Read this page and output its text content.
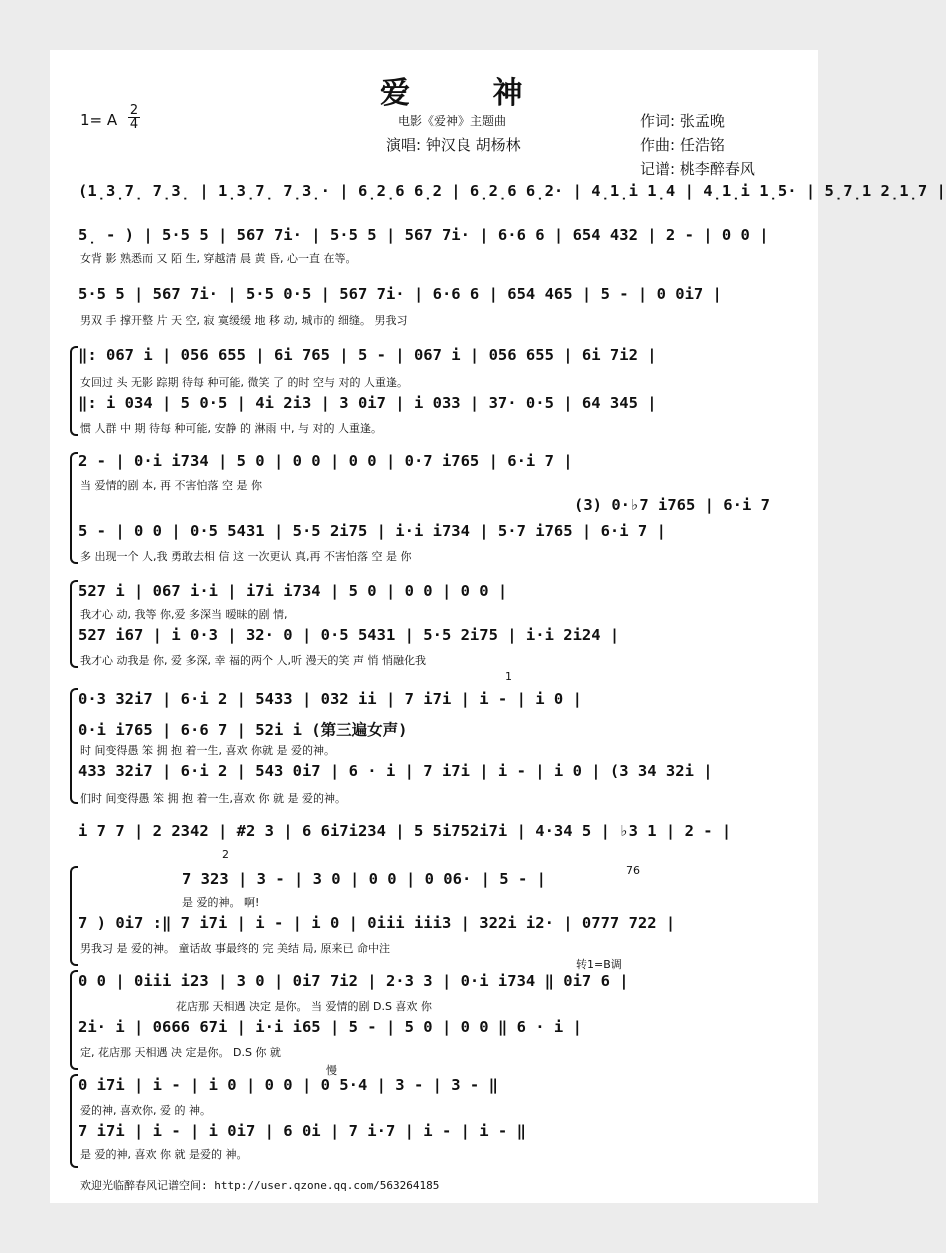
爱 神
1= A
2
4	电影《爱神》主题曲
演唱: 钟汉良 胡杨林
作词: 张孟晚
作曲: 任浩铭
记谱: 桃李醉春风
(1̣3̣7̣ 7̣3̣ | 1̣3̣7̣ 7̣3̣· | 6̣2̣6 6̣2 | 6̣2̣6 6̣2· | 4̣1̣i 1̣4 | 4̣1̣i 1̣5· | 5̣7̣1 2̣1̣7 |
5̣ - ) | 5·5 5 | 567 7i· | 5·5 5 | 567 7i· | 6·6 6 | 654 432 | 2 - | 0 0 |
女背 影 熟悉而 又 陌 生, 穿越清 晨 黄 昏, 心一直 在等。
5·5 5 | 567 7i· | 5·5 0·5 | 567 7i· | 6·6 6 | 654 465 | 5 - | 0 0i7 |
男双 手 撑开整 片 天 空, 寂 寞缓缓 地 移 动, 城市的 细缝。 男我习
‖: 067 i | 056 655 | 6i 765 | 5 - | 067 i | 056 655 | 6i 7i2 |
女回过 头 无影 踪期 待每 种可能, 微笑 了 的时 空与 对的 人重逢。
‖: i 034 | 5 0·5 | 4i 2i3 | 3 0i7 | i 033 | 37· 0·5 | 64 345 |
惯 人群 中 期 待每 种可能, 安静 的 淋雨 中, 与 对的 人重逢。
2 - | 0·i i734 | 5 0 | 0 0 | 0 0 | 0·7 i765 | 6·i 7 |
当 爱情的剧 本, 再 不害怕落 空 是 你
(3) 0·♭7 i765 | 6·i 7
5 - | 0 0 | 0·5 5431 | 5·5 2i75 | i·i i734 | 5·7 i765 | 6·i 7 |
多 出现一个 人,我 勇敢去相 信 这 一次更认 真,再 不害怕落 空 是 你
527 i | 067 i·i | i7i i734 | 5 0 | 0 0 | 0 0 |
我才心 动, 我等 你,爱 多深当 暧昧的剧 情,
527 i67 | i 0·3 | 32· 0 | 0·5 5431 | 5·5 2i75 | i·i 2i24 |
我才心 动我是 你, 爱 多深, 幸 福的两个 人,听 漫天的笑 声 悄 悄融化我
1
0·3 32i7 | 6·i 2 | 5433 | 032 ii | 7 i7i | i - | i 0 |
0·i i765 | 6·6 7 | 52i i (第三遍女声)
时 间变得愚 笨 拥 抱 着一生, 喜欢 你就 是 爱的神。
433 32i7 | 6·i 2 | 543 0i7 | 6 · i | 7 i7i | i - | i 0 | (3 34 32i |
们时 间变得愚 笨 拥 抱 着一生,喜欢 你 就 是 爱的神。
i 7 7 | 2 2342 | #2 3 | 6 6i7i234 | 5 5i752i7i | 4·34 5 | ♭3 1 | 2 - |
2
76
7 323 | 3 - | 3 0 | 0 0 | 0 06· | 5 - |
是 爱的神。 啊!
7 ) 0i7 :‖ 7 i7i | i - | i 0 | 0iii iii3 | 322i i2· | 0777 722 |
男我习 是 爱的神。 童话故 事最终的 完 美结 局, 原来已 命中注
转1=B调
0 0 | 0iii i23 | 3 0 | 0i7 7i2 | 2·3 3 | 0·i i734 ‖ 0i7 6 |
花店那 天相遇 决定 是你。 当 爱情的剧 D.S 喜欢 你
2i· i | 0666 67i | i·i i65 | 5 - | 5 0 | 0 0 ‖ 6 · i |
定, 花店那 天相遇 决 定是你。 D.S 你 就
慢
0 i7i | i - | i 0 | 0 0 | 0 5·4 | 3 - | 3 - ‖
爱的神, 喜欢你, 爱 的 神。
7 i7i | i - | i 0i7 | 6 0i | 7 i·7 | i - | i - ‖
是 爱的神, 喜欢 你 就 是爱的 神。
欢迎光临醉春风记谱空间: http://user.qzone.qq.com/563264185
